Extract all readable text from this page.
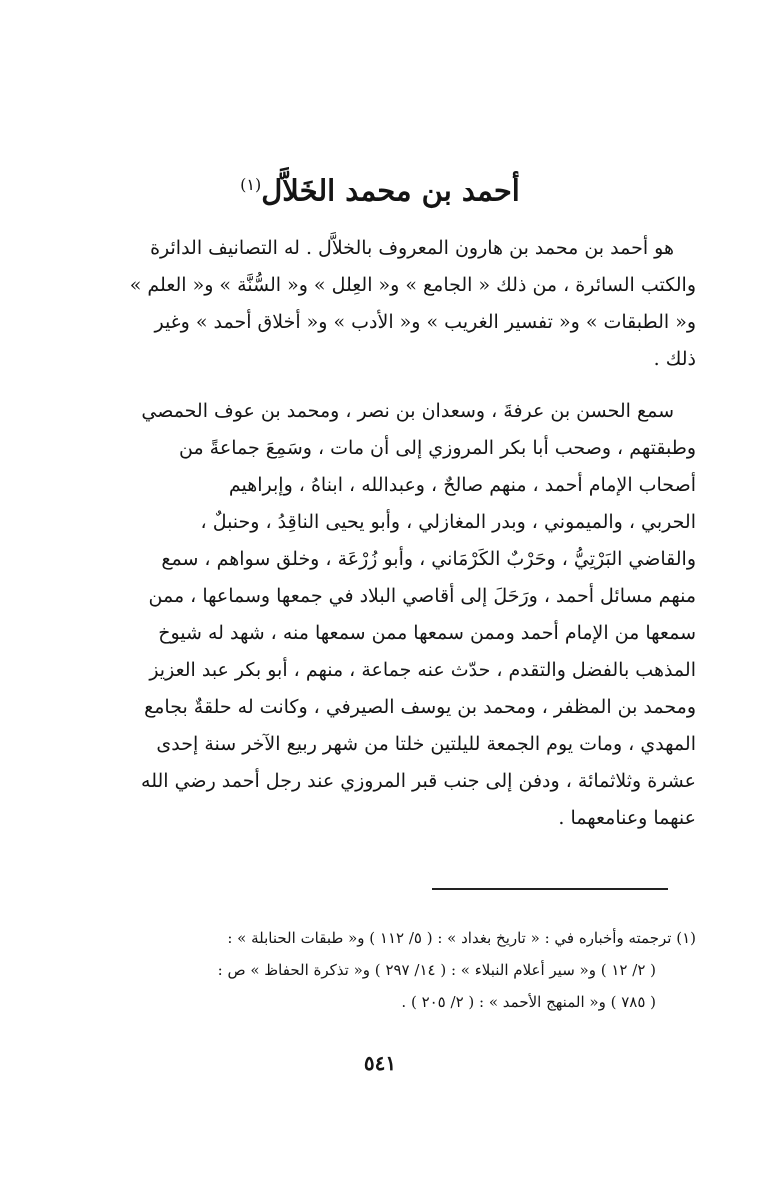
أحمد بن محمد الخَلاَّل$^{(١)}$
هو أحمد بن محمد بن هارون المعروف بالخلاَّل . له التصانيف الدائرة
والكتب السائرة ، من ذلك « الجامع » و« العِلل » و« السُّنَّة » و« العلم »
و« الطبقات » و« تفسير الغريب » و« الأدب » و« أخلاق أحمد » وغير
ذلك .
سمع الحسن بن عرفةَ ، وسعدان بن نصر ، ومحمد بن عوف الحمصي
وطبقتهم ، وصحب أبا بكر المروزي إلى أن مات ، وسَمِعَ جماعةً من
أصحاب الإمام أحمد ، منهم صالحٌ ، وعبدالله ، ابناهُ ، وإبراهيم
الحربي ، والميموني ، وبدر المغازلي ، وأبو يحيى الناقِدُ ، وحنبلٌ ،
والقاضي البَرْتِيُّ ، وحَرْبٌ الكَرْمَاني ، وأبو زُرْعَة ، وخلق سواهم ، سمع
منهم مسائل أحمد ، ورَحَلَ إلى أقاصي البلاد في جمعها وسماعها ، ممن
سمعها من الإمام أحمد وممن سمعها ممن سمعها منه ، شهد له شيوخ
المذهب بالفضل والتقدم ، حدّث عنه جماعة ، منهم ، أبو بكر عبد العزيز
ومحمد بن المظفر ، ومحمد بن يوسف الصيرفي ، وكانت له حلقةٌ بجامع
المهدي ، ومات يوم الجمعة لليلتين خلتا من شهر ربيع الآخر سنة إحدى
عشرة وثلاثمائة ، ودفن إلى جنب قبر المروزي عند رجل أحمد رضي الله
عنهما وعنامعهما .
(١) ترجمته وأخباره في : « تاريخ بغداد » : ( ٥/ ١١٢ ) و« طبقات الحنابلة » :
( ٢/ ١٢ ) و« سير أعلام النبلاء » : ( ١٤/ ٢٩٧ ) و« تذكرة الحفاظ » ص :
( ٧٨٥ ) و« المنهج الأحمد » : ( ٢/ ٢٠٥ ) .
٥٤١
